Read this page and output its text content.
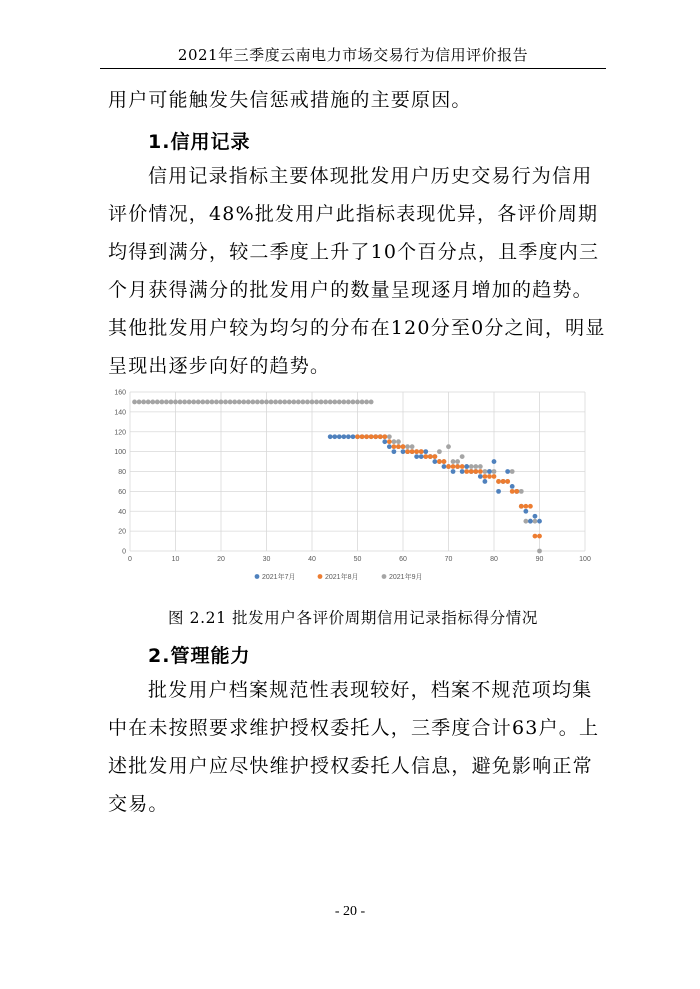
2021年三季度云南电力市场交易行为信用评价报告

用户可能触发失信惩戒措施的主要原因。

1.信用记录

信用记录指标主要体现批发用户历史交易行为信用评价情况，48%批发用户此指标表现优异，各评价周期均得到满分，较二季度上升了10个百分点，且季度内三个月获得满分的批发用户的数量呈现逐月增加的趋势。其他批发用户较为均匀的分布在120分至0分之间，明显呈现出逐步向好的趋势。

0
20
40
60
80
100
120
140
160
0	10	20	30	40	50	60	70	80	90	100
2021年7月	2021年8月	2021年9月
图 2.21 批发用户各评价周期信用记录指标得分情况
2.管理能力

批发用户档案规范性表现较好，档案不规范项均集中在未按照要求维护授权委托人，三季度合计63户。上述批发用户应尽快维护授权委托人信息，避免影响正常交易。

- 20 -
